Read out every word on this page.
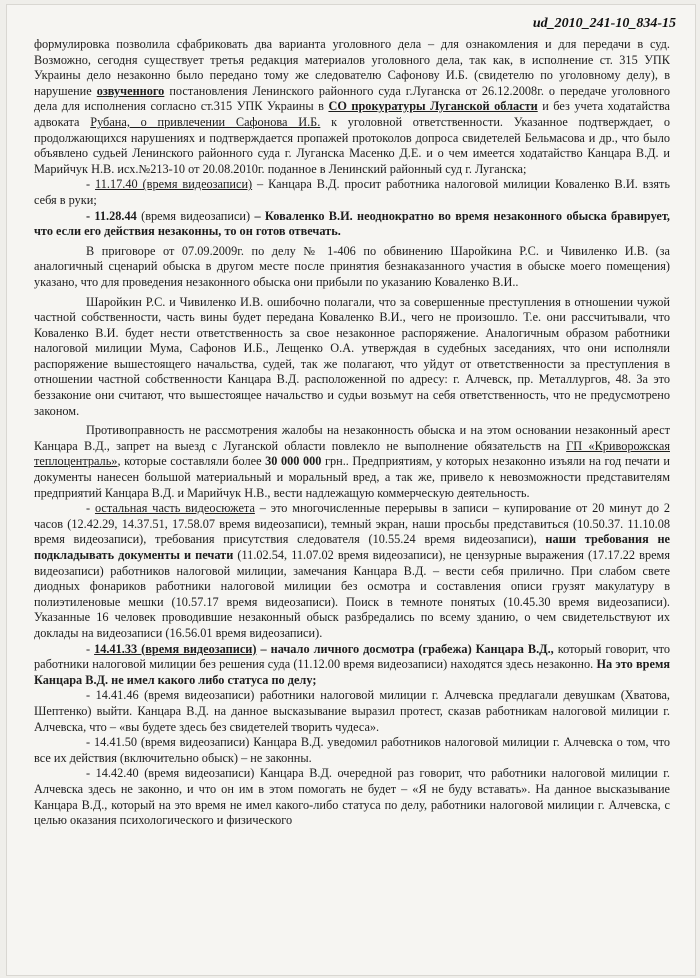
ud_2010_241-10_834-15

формулировка позволила сфабриковать два варианта уголовного дела – для ознакомления и для передачи в суд. Возможно, сегодня существует третья редакция материалов уголовного дела, так как, в исполнение ст. 315 УПК Украины дело незаконно было передано тому же следователю Сафонову И.Б. (свидетелю по уголовному делу), в нарушение озвученного постановления Ленинского районного суда г.Луганска от 26.12.2008г. о передаче уголовного дела для исполнения согласно ст.315 УПК Украины в СО прокуратуры Луганской области и без учета ходатайства адвоката Рубана, о привлечении Сафонова И.Б. к уголовной ответственности. Указанное подтверждает, о продолжающихся нарушениях и подтверждается пропажей протоколов допроса свидетелей Бельмасова и др., что было объявлено судьей Ленинского районного суда г. Луганска Масенко Д.Е. и о чем имеется ходатайство Канцара В.Д. и Марийчук Н.В. исх.№213-10 от 20.08.2010г. поданное в Ленинский районный суд г. Луганска;

- 11.17.40 (время видеозаписи) – Канцара В.Д. просит работника налоговой милиции Коваленко В.И. взять себя в руки;

- 11.28.44 (время видеозаписи) – Коваленко В.И. неоднократно во время незаконного обыска бравирует, что если его действия незаконны, то он готов отвечать.

В приговоре от 07.09.2009г. по делу № 1-406 по обвинению Шаройкина Р.С. и Чивиленко И.В. (за аналогичный сценарий обыска в другом месте после принятия безнаказанного участия в обыске моего помещения) указано, что для проведения незаконного обыска они прибыли по указанию Коваленко В.И..

Шаройкин Р.С. и Чивиленко И.В. ошибочно полагали, что за совершенные преступления в отношении чужой частной собственности, часть вины будет передана Коваленко В.И., чего не произошло. Т.е. они рассчитывали, что Коваленко В.И. будет нести ответственность за свое незаконное распоряжение. Аналогичным образом работники налоговой милиции Мума, Сафонов И.Б., Лещенко О.А. утверждая в судебных заседаниях, что они исполняли распоряжение вышестоящего начальства, судей, так же полагают, что уйдут от ответственности за преступления в отношении частной собственности Канцара В.Д. расположенной по адресу: г. Алчевск, пр. Металлургов, 48. За это беззаконие они считают, что вышестоящее начальство и судьи возьмут на себя ответственность, что не предусмотрено законом.

Противоправность не рассмотрения жалобы на незаконность обыска и на этом основании незаконный арест Канцара В.Д., запрет на выезд с Луганской области повлекло не выполнение обязательств на ГП «Криворожская теплоцентраль», которые составляли более 30 000 000 грн.. Предприятиям, у которых незаконно изъяли на год печати и документы нанесен большой материальный и моральный вред, а так же, привело к невозможности представителям предприятий Канцара В.Д. и Марийчук Н.В., вести надлежащую коммерческую деятельность.

- остальная часть видеосюжета – это многочисленные перерывы в записи – купирование от 20 минут до 2 часов (12.42.29, 14.37.51, 17.58.07 время видеозаписи), темный экран, наши просьбы представиться (10.50.37. 11.10.08 время видеозаписи), требования присутствия следователя (10.55.24 время видеозаписи), наши требования не подкладывать документы и печати (11.02.54, 11.07.02 время видеозаписи), не цензурные выражения (17.17.22 время видеозаписи) работников налоговой милиции, замечания Канцара В.Д. – вести себя прилично. При слабом свете диодных фонариков работники налоговой милиции без осмотра и составления описи грузят макулатуру в полиэтиленовые мешки (10.57.17 время видеозаписи). Поиск в темноте понятых (10.45.30 время видеозаписи). Указанные 16 человек проводившие незаконный обыск разбредались по всему зданию, о чем свидетельствуют их доклады на видеозаписи (16.56.01 время видеозаписи).

- 14.41.33 (время видеозаписи) – начало личного досмотра (грабежа) Канцара В.Д., который говорит, что работники налоговой милиции без решения суда (11.12.00 время видеозаписи) находятся здесь незаконно. На это время Канцара В.Д. не имел какого либо статуса по делу;

- 14.41.46 (время видеозаписи) работники налоговой милиции г. Алчевска предлагали девушкам (Хватова, Шептенко) выйти. Канцара В.Д. на данное высказывание выразил протест, сказав работникам налоговой милиции г. Алчевска, что – «вы будете здесь без свидетелей творить чудеса».

- 14.41.50 (время видеозаписи) Канцара В.Д. уведомил работников налоговой милиции г. Алчевска о том, что все их действия (включительно обыск) – не законны.

- 14.42.40 (время видеозаписи) Канцара В.Д. очередной раз говорит, что работники налоговой милиции г. Алчевска здесь не законно, и что он им в этом помогать не будет – «Я не буду вставать». На данное высказывание Канцара В.Д., который на это время не имел какого-либо статуса по делу, работники налоговой милиции г. Алчевска, с целью оказания психологического и физического
